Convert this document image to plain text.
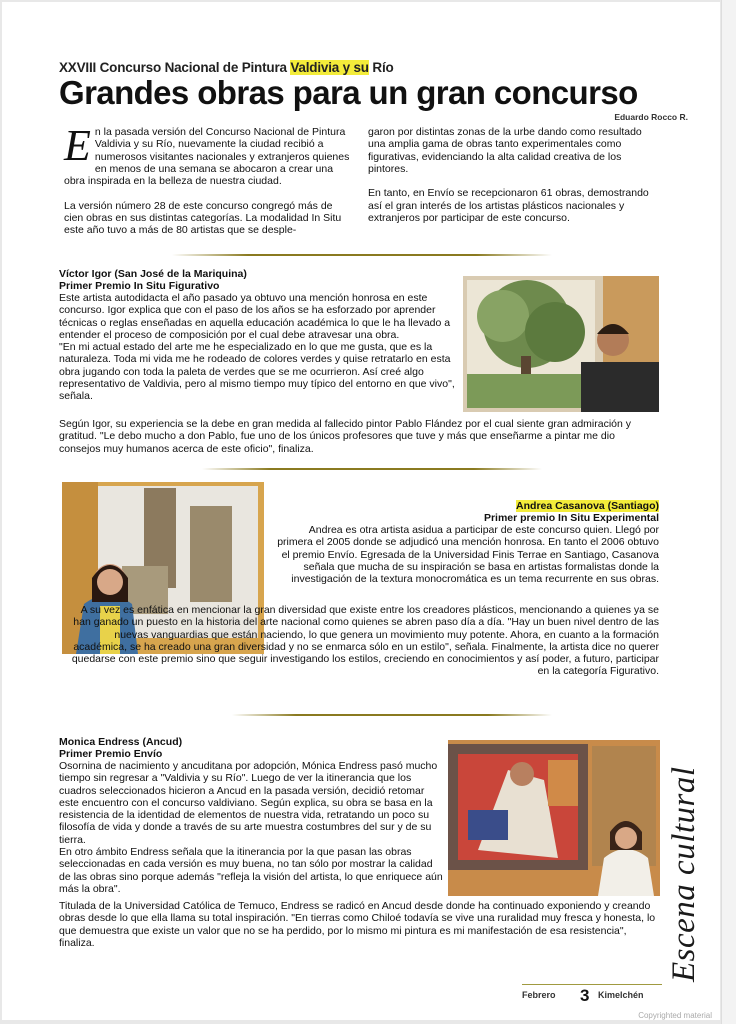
XXVIII Concurso Nacional de Pintura Valdivia y su Río
Grandes obras para un gran concurso
Eduardo Rocco R.
E n la pasada versión del Concurso Nacional de Pintura Valdivia y su Río, nuevamente la ciudad recibió a numerosos visitantes nacionales y extranjeros quienes en menos de una semana se abocaron a crear una obra inspirada en la belleza de nuestra ciudad.

La versión número 28 de este concurso congregó más de cien obras en sus distintas categorías. La modalidad In Situ este año tuvo a más de 80 artistas que se desple-
garon por distintas zonas de la urbe dando como resultado una amplia gama de obras tanto experimentales como figurativas, evidenciando la alta calidad creativa de los pintores.

En tanto, en Envío se recepcionaron 61 obras, demostrando así el gran interés de los artistas plásticos nacionales y extranjeros por participar de este concurso.
Víctor Igor (San José de la Mariquina)
Primer Premio In Situ Figurativo
Este artista autodidacta el año pasado ya obtuvo una mención honrosa en este concurso. Igor explica que con el paso de los años se ha esforzado por aprender técnicas o reglas enseñadas en aquella educación académica lo que le ha llevado a entender el proceso de composición por el cual debe atravesar una obra.
"En mi actual estado del arte me he especializado en lo que me gusta, que es la naturaleza. Toda mi vida me he rodeado de colores verdes y quise retratarlo en esta obra jugando con toda la paleta de verdes que se me ocurrieron. Así creé algo representativo de Valdivia, pero al mismo tiempo muy típico del entorno en que vivo", señala.
Según Igor, su experiencia se la debe en gran medida al fallecido pintor Pablo Flández por el cual siente gran admiración y gratitud. "Le debo mucho a don Pablo, fue uno de los únicos profesores que tuve y más que enseñarme a pintar me dio consejos muy humanos acerca de este oficio", finaliza.
Andrea Casanova (Santiago)
Primer premio In Situ Experimental
Andrea es otra artista asidua a participar de este concurso quien. Llegó por primera el 2005 donde se adjudicó una mención honrosa. En tanto el 2006 obtuvo el premio Envío. Egresada de la Universidad Finis Terrae en Santiago, Casanova señala que mucha de su inspiración se basa en artistas formalistas donde la investigación de la textura monocromática es un tema recurrente en sus obras.
A su vez es enfática en mencionar la gran diversidad que existe entre los creadores plásticos, mencionando a quienes ya se han ganado un puesto en la historia del arte nacional como quienes se abren paso día a día. "Hay un buen nivel dentro de las nuevas vanguardias que están naciendo, lo que genera un movimiento muy potente. Ahora, en cuanto a la formación académica, se ha creado una gran diversidad y no se enmarca sólo en un estilo", señala. Finalmente, la artista dice no querer quedarse con este premio sino que seguir investigando los estilos, creciendo en conocimientos y así poder, a futuro, participar en la categoría Figurativo.
Monica Endress (Ancud)
Primer Premio Envío
Osornina de nacimiento y ancuditana por adopción, Mónica Endress pasó mucho tiempo sin regresar a "Valdivia y su Río". Luego de ver la itinerancia que los cuadros seleccionados hicieron a Ancud en la pasada versión, decidió retomar este encuentro con el concurso valdiviano. Según explica, su obra se basa en la resistencia de la identidad de elementos de nuestra vida, retratando un poco su filosofía de vida y donde a través de su arte muestra costumbres del sur y de su tierra.
En otro ámbito Endress señala que la itinerancia por la que pasan las obras seleccionadas en cada versión es muy buena, no tan sólo por mostrar la calidad de las obras sino porque además "refleja la visión del artista, lo que enriquece aún más la obra".
Titulada de la Universidad Católica de Temuco, Endress se radicó en Ancud desde donde ha continuado exponiendo y creando obras desde lo que ella llama su total inspiración. "En tierras como Chiloé todavía se vive una ruralidad muy fresca y honesta, lo que demuestra que existe un valor que no se ha perdido, por lo mismo mi pintura es mi manifestación de esa resistencia", finaliza.	Escena cultural
Febrero 3 Kimelchén
Copyrighted material
